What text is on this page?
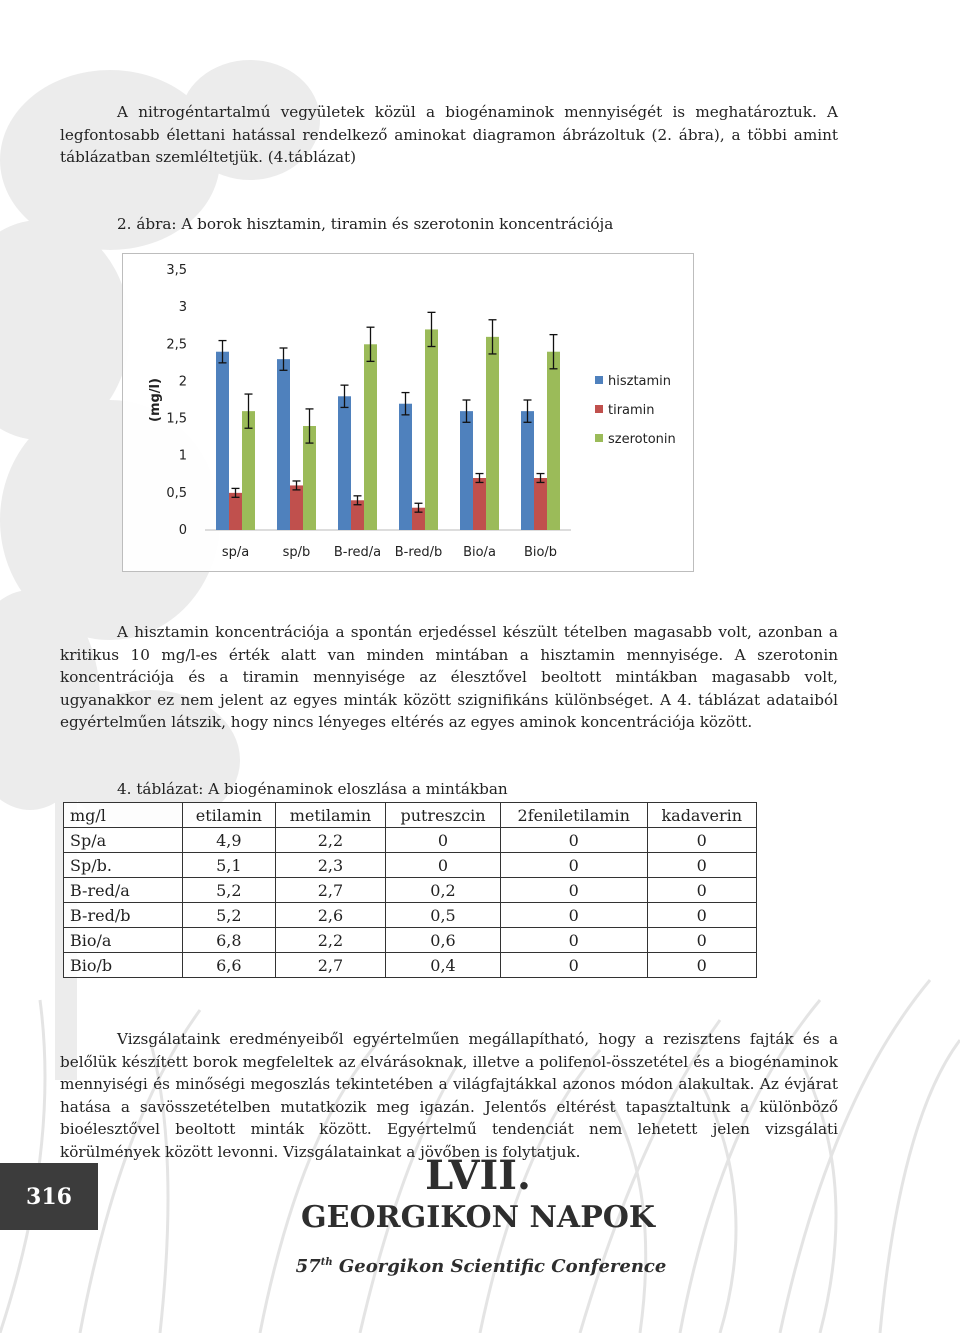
A nitrogéntartalmú vegyületek közül a biogénaminok mennyiségét is meghatároztuk. A legfontosabb élettani hatással rendelkező aminokat diagramon ábrázoltuk (2. ábra), a többi amint táblázatban szemléltetjük. (4.táblázat)

2. ábra: A borok hisztamin, tiramin és szerotonin koncentrációja

0
0,5
1
1,5
2
2,5
3
3,5
(mg/l)
sp/a	sp/b B-red/a B-red/b Bio/a Bio/b
hisztamin
tiramin
szerotonin

A hisztamin koncentrációja a spontán erjedéssel készült tételben magasabb volt, azonban a kritikus 10 mg/l-es érték alatt van minden mintában a hisztamin mennyisége. A szerotonin koncentrációja és a tiramin mennyisége az élesztővel beoltott mintákban magasabb volt, ugyanakkor ez nem jelent az egyes minták között szignifikáns különbséget. A 4. táblázat adataiból egyértelműen látszik, hogy nincs lényeges eltérés az egyes aminok koncentrációja között.

4. táblázat: A biogénaminok eloszlása a mintákban

mg/l	etilamin	metilamin	putreszcin	2feniletilamin	kadaverin
Sp/a	4,9	2,2	0	0	0
Sp/b.	5,1	2,3	0	0	0
B-red/a	5,2	2,7	0,2	0	0
B-red/b	5,2	2,6	0,5	0	0
Bio/a	6,8	2,2	0,6	0	0
Bio/b	6,6	2,7	0,4	0	0

Vizsgálataink eredményeiből egyértelműen megállapítható, hogy a rezisztens fajták és a belőlük készített borok megfeleltek az elvárásoknak, illetve a polifenol-összetétel és a biogénaminok mennyiségi és minőségi megoszlás tekintetében a világfajtákkal azonos módon alakultak. Az évjárat hatása a savösszetételben mutatkozik meg igazán. Jelentős eltérést tapasztaltunk a különböző bioélesztővel beoltott minták között. Egyértelmű tendenciát nem lehetett jelen vizsgálati körülmények között levonni. Vizsgálatainkat a jövőben is folytatjuk.

316	LVII.
GEORGIKON NAPOK
57th Georgikon Scientific Conference
